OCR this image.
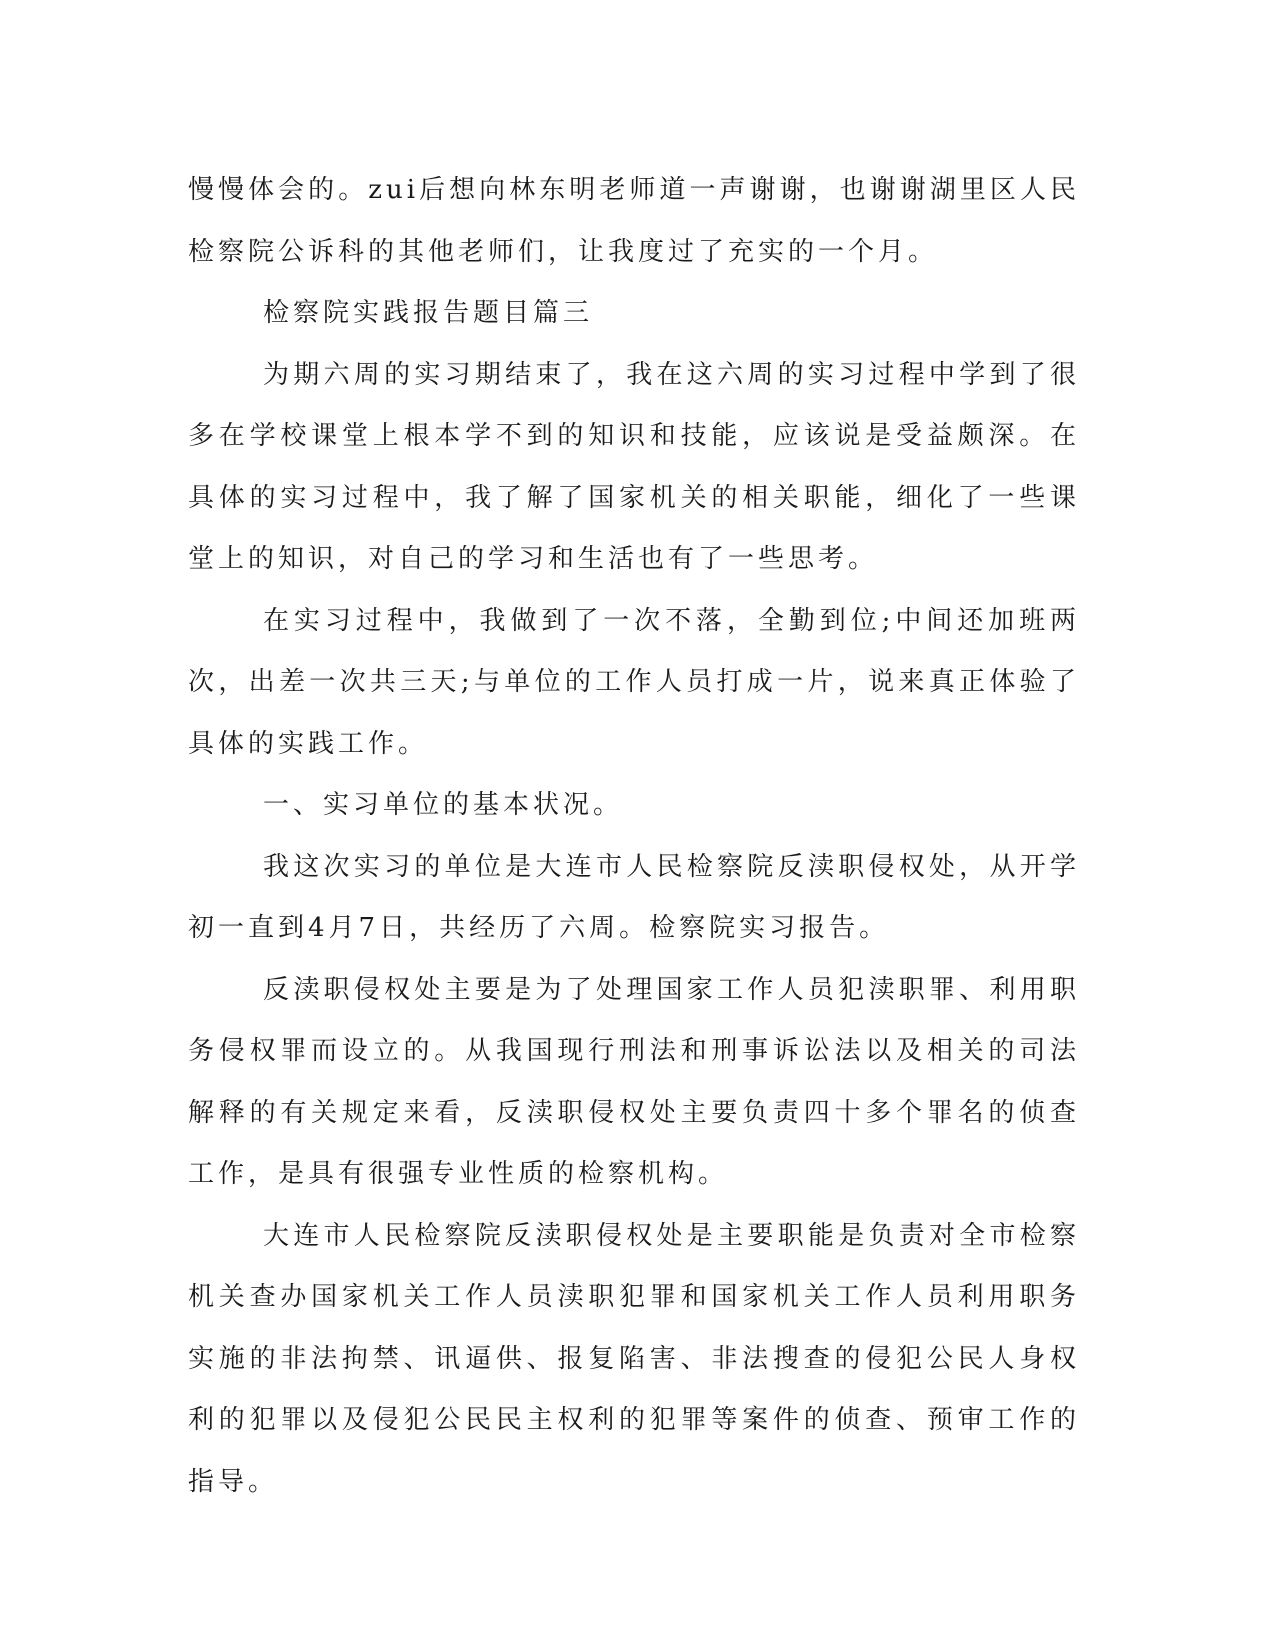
慢慢体会的。zui后想向林东明老师道一声谢谢，也谢谢湖里区人民检察院公诉科的其他老师们，让我度过了充实的一个月。

检察院实践报告题目篇三

为期六周的实习期结束了，我在这六周的实习过程中学到了很多在学校课堂上根本学不到的知识和技能，应该说是受益颇深。在具体的实习过程中，我了解了国家机关的相关职能，细化了一些课堂上的知识，对自己的学习和生活也有了一些思考。

在实习过程中，我做到了一次不落，全勤到位;中间还加班两次，出差一次共三天;与单位的工作人员打成一片，说来真正体验了具体的实践工作。

一、实习单位的基本状况。

我这次实习的单位是大连市人民检察院反渎职侵权处，从开学初一直到4月7日，共经历了六周。检察院实习报告。

反渎职侵权处主要是为了处理国家工作人员犯渎职罪、利用职务侵权罪而设立的。从我国现行刑法和刑事诉讼法以及相关的司法解释的有关规定来看，反渎职侵权处主要负责四十多个罪名的侦查工作，是具有很强专业性质的检察机构。

大连市人民检察院反渎职侵权处是主要职能是负责对全市检察机关查办国家机关工作人员渎职犯罪和国家机关工作人员利用职务实施的非法拘禁、讯逼供、报复陷害、非法搜查的侵犯公民人身权利的犯罪以及侵犯公民民主权利的犯罪等案件的侦查、预审工作的指导。
